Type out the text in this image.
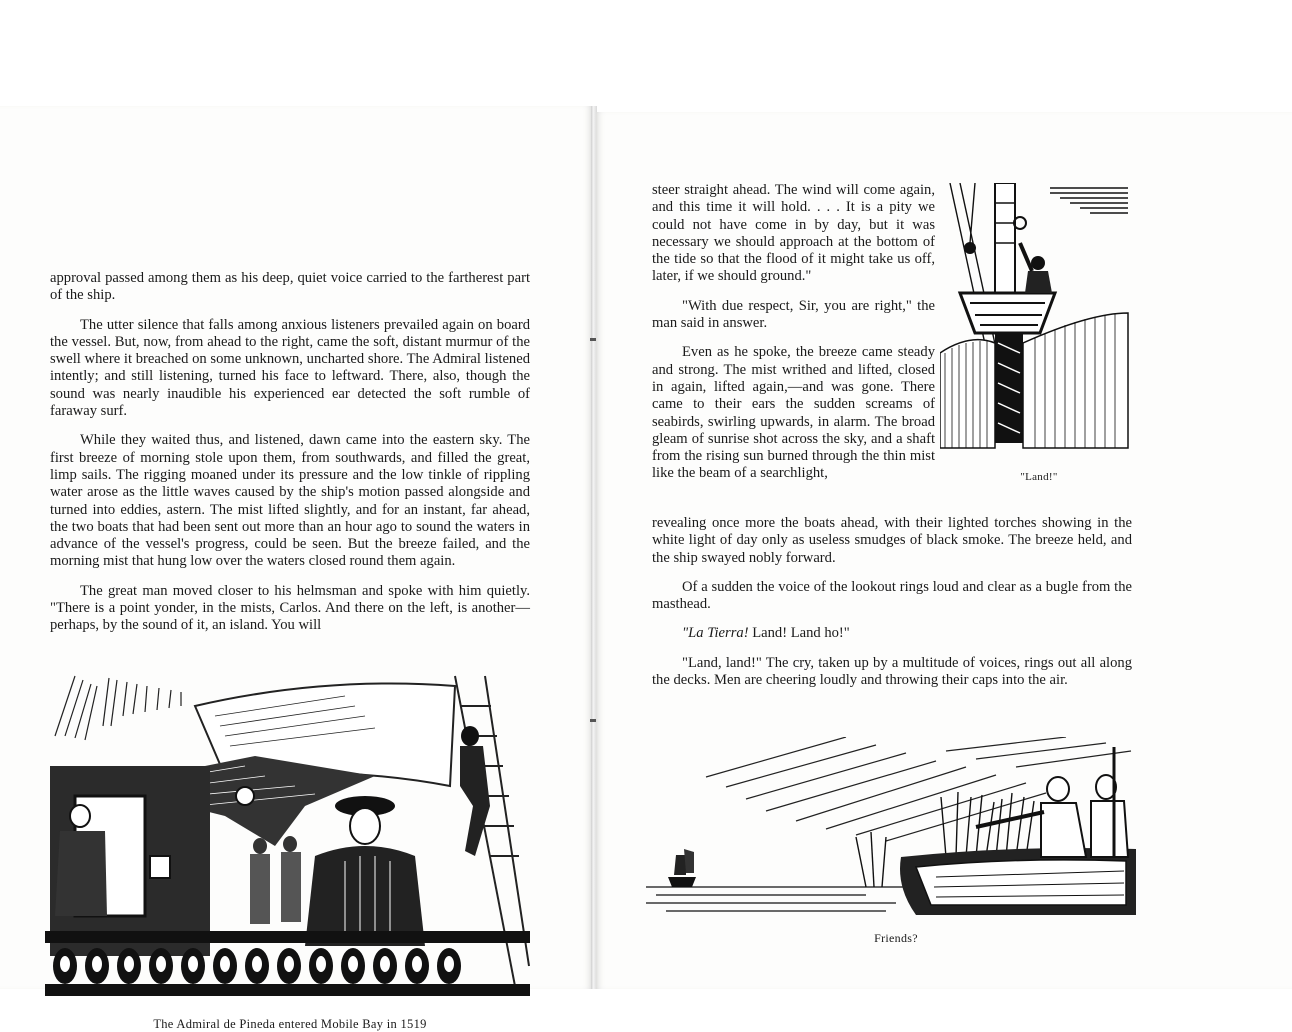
approval passed among them as his deep, quiet voice carried to the fartherest part of the ship.

The utter silence that falls among anxious listeners prevailed again on board the vessel. But, now, from ahead to the right, came the soft, distant murmur of the swell where it breached on some unknown, uncharted shore. The Admiral listened intently; and still listening, turned his face to leftward. There, also, though the sound was nearly inaudible his experienced ear detected the soft rumble of faraway surf.

While they waited thus, and listened, dawn came into the eastern sky. The first breeze of morning stole upon them, from southwards, and filled the great, limp sails. The rigging moaned under its pressure and the low tinkle of rippling water arose as the little waves caused by the ship's motion passed alongside and turned into eddies, astern. The mist lifted slightly, and for an instant, far ahead, the two boats that had been sent out more than an hour ago to sound the waters in advance of the vessel's progress, could be seen. But the breeze failed, and the morning mist that hung low over the waters closed round them again.

The great man moved closer to his helmsman and spoke with him quietly. "There is a point yonder, in the mists, Carlos. And there on the left, is another—perhaps, by the sound of it, an island. You will

The Admiral de Pineda entered Mobile Bay in 1519

steer straight ahead. The wind will come again, and this time it will hold. . . . It is a pity we could not have come in by day, but it was necessary we should approach at the bottom of the tide so that the flood of it might take us off, later, if we should ground."

"With due respect, Sir, you are right," the man said in answer.

Even as he spoke, the breeze came steady and strong. The mist writhed and lifted, closed in again, lifted again,—and was gone. There came to their ears the sudden screams of seabirds, swirling upwards, in alarm. The broad gleam of sunrise shot across the sky, and a shaft from the rising sun burned through the thin mist like the beam of a searchlight,	"Land!"

revealing once more the boats ahead, with their lighted torches showing in the white light of day only as useless smudges of black smoke. The breeze held, and the ship swayed nobly forward.

Of a sudden the voice of the lookout rings loud and clear as a bugle from the masthead.

"La Tierra! Land! Land ho!"

"Land, land!" The cry, taken up by a multitude of voices, rings out all along the decks. Men are cheering loudly and throwing their caps into the air.

Friends?
